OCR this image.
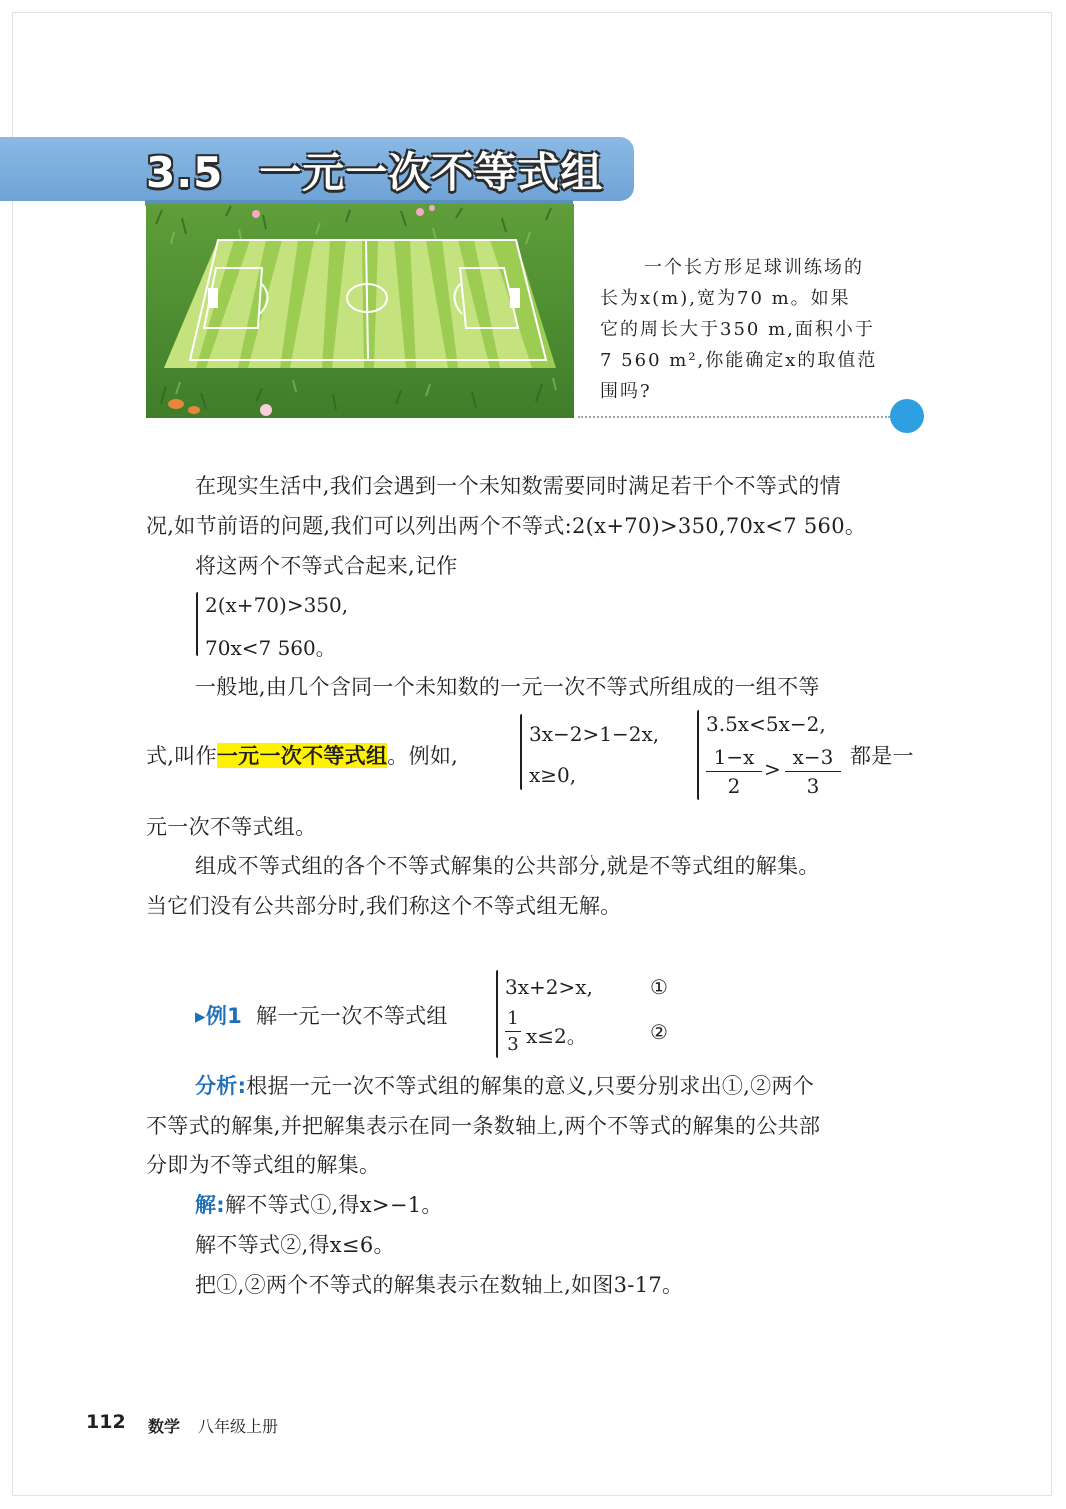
3.5 一元一次不等式组
一个长方形足球训练场的
长为x(m),宽为70 m。如果
它的周长大于350 m,面积小于
7 560 m²,你能确定x的取值范
围吗?
在现实生活中,我们会遇到一个未知数需要同时满足若干个不等式的情
况,如节前语的问题,我们可以列出两个不等式:2(x+70)>350,70x<7 560。
将这两个不等式合起来,记作
2(x+70)>350,
70x<7 560。
一般地,由几个含同一个未知数的一元一次不等式所组成的一组不等
式,叫作一元一次不等式组。例如,
3x−2>1−2x,
x≥0,
3.5x<5x−2,
1−x
2
> x−3
3
都是一
元一次不等式组。
组成不等式组的各个不等式解集的公共部分,就是不等式组的解集。
当它们没有公共部分时,我们称这个不等式组无解。
▸例1 解一元一次不等式组
3x+2>x,	①
1
3 x≤2。	②
分析:根据一元一次不等式组的解集的意义,只要分别求出①,②两个
不等式的解集,并把解集表示在同一条数轴上,两个不等式的解集的公共部
分即为不等式组的解集。
解:解不等式①,得x>−1。
解不等式②,得x≤6。
把①,②两个不等式的解集表示在数轴上,如图3-17。
112 数学 八年级上册
